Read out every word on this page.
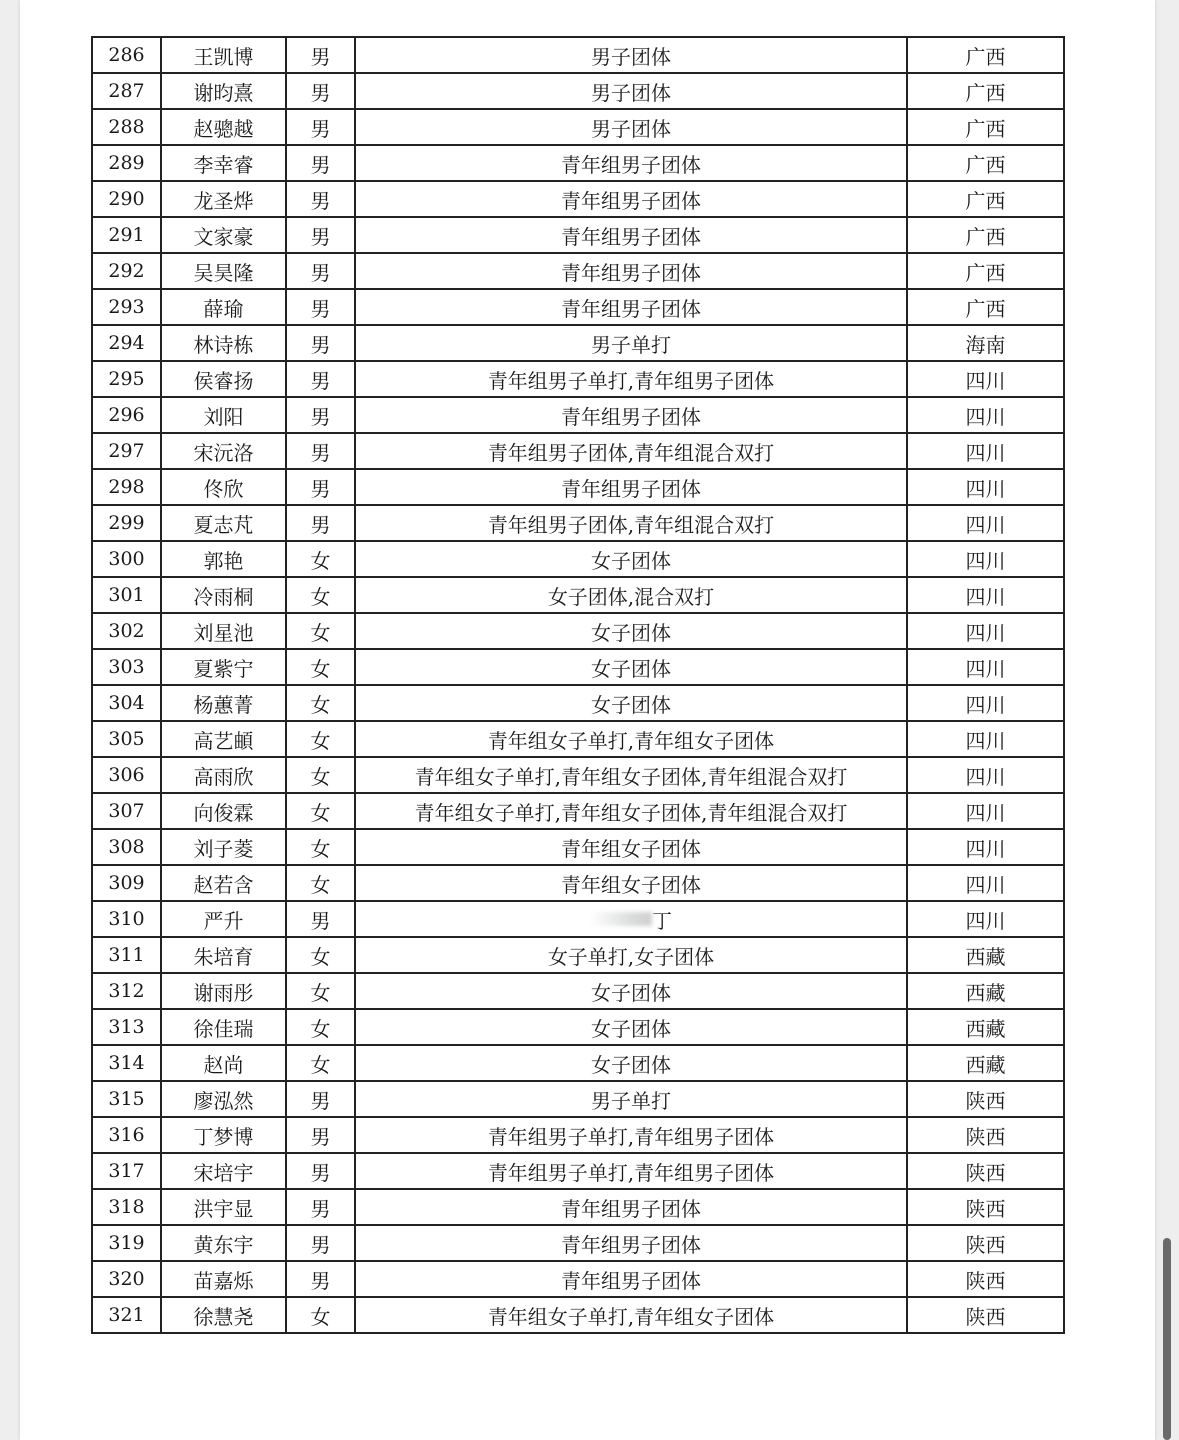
286	王凯博	男	男子团体	广西
287	谢昀熹	男	男子团体	广西
288	赵骢越	男	男子团体	广西
289	李幸睿	男	青年组男子团体	广西
290	龙圣烨	男	青年组男子团体	广西
291	文家豪	男	青年组男子团体	广西
292	吴昊隆	男	青年组男子团体	广西
293	薛瑜	男	青年组男子团体	广西
294	林诗栋	男	男子单打	海南
295	侯睿扬	男	青年组男子单打,青年组男子团体	四川
296	刘阳	男	青年组男子团体	四川
297	宋沅洛	男	青年组男子团体,青年组混合双打	四川
298	佟欣	男	青年组男子团体	四川
299	夏志芃	男	青年组男子团体,青年组混合双打	四川
300	郭艳	女	女子团体	四川
301	冷雨桐	女	女子团体,混合双打	四川
302	刘星池	女	女子团体	四川
303	夏紫宁	女	女子团体	四川
304	杨蕙菁	女	女子团体	四川
305	高艺頔	女	青年组女子单打,青年组女子团体	四川
306	高雨欣	女	青年组女子单打,青年组女子团体,青年组混合双打	四川
307	向俊霖	女	青年组女子单打,青年组女子团体,青年组混合双打	四川
308	刘子菱	女	青年组女子团体	四川
309	赵若含	女	青年组女子团体	四川
310	严升	男	丁	四川
311	朱培育	女	女子单打,女子团体	西藏
312	谢雨彤	女	女子团体	西藏
313	徐佳瑞	女	女子团体	西藏
314	赵尚	女	女子团体	西藏
315	廖泓然	男	男子单打	陕西
316	丁梦博	男	青年组男子单打,青年组男子团体	陕西
317	宋培宇	男	青年组男子单打,青年组男子团体	陕西
318	洪宇显	男	青年组男子团体	陕西
319	黄东宇	男	青年组男子团体	陕西
320	苗嘉烁	男	青年组男子团体	陕西
321	徐慧尧	女	青年组女子单打,青年组女子团体	陕西
